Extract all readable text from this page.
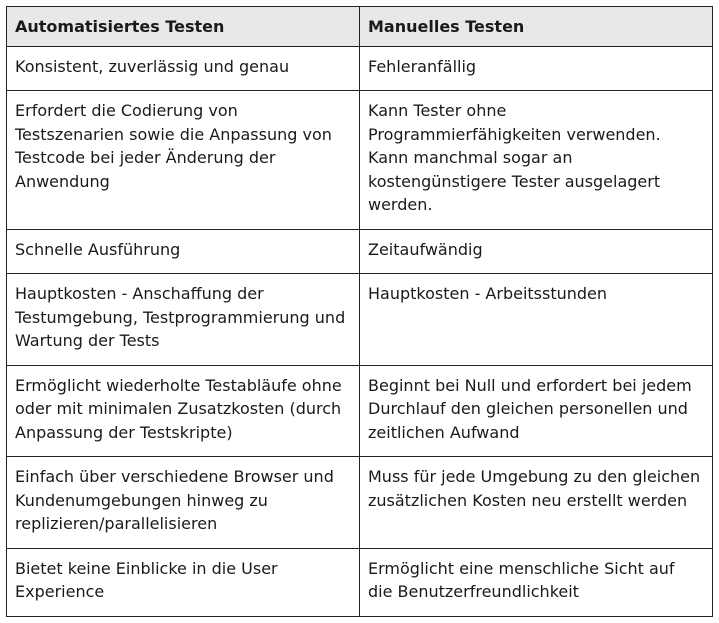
Automatisiertes Testen	Manuelles Testen
Konsistent, zuverlässig und genau	Fehleranfällig
Erfordert die Codierung von Testszenarien sowie die Anpassung von Testcode bei jeder Änderung der Anwendung	Kann Tester ohne Programmierfähigkeiten verwenden. Kann manchmal sogar an kostengünstigere Tester ausgelagert werden.
Schnelle Ausführung	Zeitaufwändig
Hauptkosten - Anschaffung der Testumgebung, Testprogrammierung und Wartung der Tests	Hauptkosten - Arbeitsstunden
Ermöglicht wiederholte Testabläufe ohne oder mit minimalen Zusatzkosten (durch Anpassung der Testskripte)	Beginnt bei Null und erfordert bei jedem Durchlauf den gleichen personellen und zeitlichen Aufwand
Einfach über verschiedene Browser und Kundenumgebungen hinweg zu replizieren/parallelisieren	Muss für jede Umgebung zu den gleichen zusätzlichen Kosten neu erstellt werden
Bietet keine Einblicke in die User Experience	Ermöglicht eine menschliche Sicht auf die Benutzerfreundlichkeit
